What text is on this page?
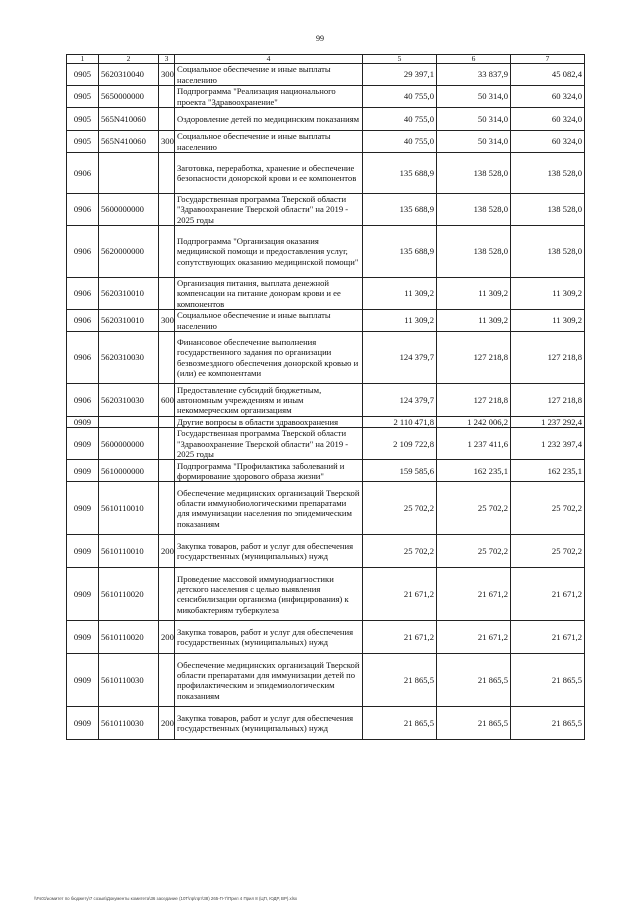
99
1	2	3	4	5	6	7
0905	5620310040	300	Социальное обеспечение и иные выплаты населению	29 397,1	33 837,9	45 082,4
0905	5650000000		Подпрограмма "Реализация национального проекта "Здравоохранение"	40 755,0	50 314,0	60 324,0
0905	565N410060		Оздоровление детей по медицинским показаниям	40 755,0	50 314,0	60 324,0
0905	565N410060	300	Социальное обеспечение и иные выплаты населению	40 755,0	50 314,0	60 324,0
0906			Заготовка, переработка, хранение и обеспечение безопасности донорской крови и ее компонентов	135 688,9	138 528,0	138 528,0
0906	5600000000		Государственная программа Тверской области "Здравоохранение Тверской области" на 2019 - 2025 годы	135 688,9	138 528,0	138 528,0
0906	5620000000		Подпрограмма "Организация оказания медицинской помощи и предоставления услуг, сопутствующих оказанию медицинской помощи"	135 688,9	138 528,0	138 528,0
0906	5620310010		Организация питания, выплата денежной компенсации на питание донорам крови и ее компонентов	11 309,2	11 309,2	11 309,2
0906	5620310010	300	Социальное обеспечение и иные выплаты населению	11 309,2	11 309,2	11 309,2
0906	5620310030		Финансовое обеспечение выполнения государственного задания по организации безвозмездного обеспечения донорской кровью и (или) ее компонентами	124 379,7	127 218,8	127 218,8
0906	5620310030	600	Предоставление субсидий бюджетным, автономным учреждениям и иным некоммерческим организациям	124 379,7	127 218,8	127 218,8
0909			Другие вопросы в области здравоохранения	2 110 471,8	1 242 006,2	1 237 292,4
0909	5600000000		Государственная программа Тверской области "Здравоохранение Тверской области" на 2019 - 2025 годы	2 109 722,8	1 237 411,6	1 232 397,4
0909	5610000000		Подпрограмма "Профилактика заболеваний и формирование здорового образа жизни"	159 585,6	162 235,1	162 235,1
0909	5610110010		Обеспечение медицинских организаций Тверской области иммунобиологическими препаратами для иммунизации населения по эпидемическим показаниям	25 702,2	25 702,2	25 702,2
0909	5610110010	200	Закупка товаров, работ и услуг для обеспечения государственных (муниципальных) нужд	25 702,2	25 702,2	25 702,2
0909	5610110020		Проведение массовой иммунодиагностики детского населения с целью выявления сенсибилизации организма (инфицирования) к микобактериям туберкулеза	21 671,2	21 671,2	21 671,2
0909	5610110020	200	Закупка товаров, работ и услуг для обеспечения государственных (муниципальных) нужд	21 671,2	21 671,2	21 671,2
0909	5610110030		Обеспечение медицинских организаций Тверской области препаратами для иммунизации детей по профилактическим и эпидемиологическим показаниям	21 865,5	21 865,5	21 865,5
0909	5610110030	200	Закупка товаров, работ и услуг для обеспечения государственных (муниципальных) нужд	21 865,5	21 865,5	21 865,5
\\Fs01\комитет по бюджету\7 созыв\Документы комитета\36 заседание (10Т\пр\прт\38) 265-П-7\Прил 4 Прил 8 (ЦП, ЮДР, ВР).xlsx
